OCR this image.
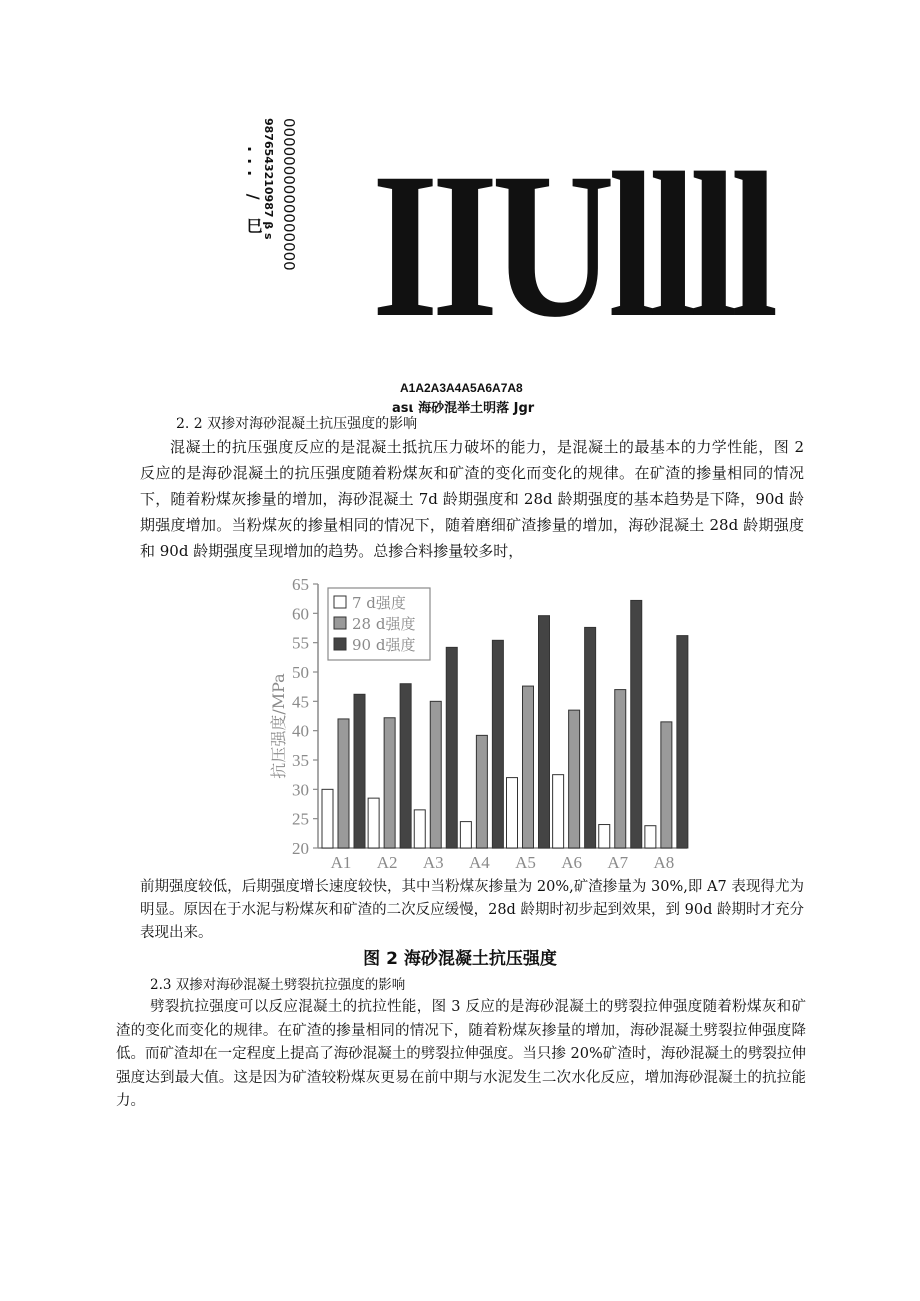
0000000000000000
9876543210987 β s
... / 巳 IIUllll
A1A2A3A4A5A6A7A8
asι 海砂混举土明落 Jgr
2. 2 双掺对海砂混凝土抗压强度的影响
混凝土的抗压强度反应的是混凝土抵抗压力破坏的能力，是混凝土的最基本的力学性能，图 2 反应的是海砂混凝土的抗压强度随着粉煤灰和矿渣的变化而变化的规律。在矿渣的掺量相同的情况下，随着粉煤灰掺量的增加，海砂混凝土 7d 龄期强度和 28d 龄期强度的基本趋势是下降，90d 龄期强度增加。当粉煤灰的掺量相同的情况下，随着磨细矿渣掺量的增加，海砂混凝土 28d 龄期强度和 90d 龄期强度呈现增加的趋势。总掺合料掺量较多时，
20
25
30
35
40
45
50
55
60
65
抗压强度/MPa
A1 A2 A3 A4 A5 A6 A7 A8
7 d强度
28 d强度
90 d强度
前期强度较低，后期强度增长速度较快，其中当粉煤灰掺量为 20%,矿渣掺量为 30%,即 A7 表现得尤为明显。原因在于水泥与粉煤灰和矿渣的二次反应缓慢，28d 龄期时初步起到效果，到 90d 龄期时才充分表现出来。
图 2 海砂混凝土抗压强度
2.3 双掺对海砂混凝土劈裂抗拉强度的影响
劈裂抗拉强度可以反应混凝土的抗拉性能，图 3 反应的是海砂混凝土的劈裂拉伸强度随着粉煤灰和矿渣的变化而变化的规律。在矿渣的掺量相同的情况下，随着粉煤灰掺量的增加，海砂混凝土劈裂拉伸强度降低。而矿渣却在一定程度上提高了海砂混凝土的劈裂拉伸强度。当只掺 20%矿渣时，海砂混凝土的劈裂拉伸强度达到最大值。这是因为矿渣较粉煤灰更易在前中期与水泥发生二次水化反应，增加海砂混凝土的抗拉能力。
